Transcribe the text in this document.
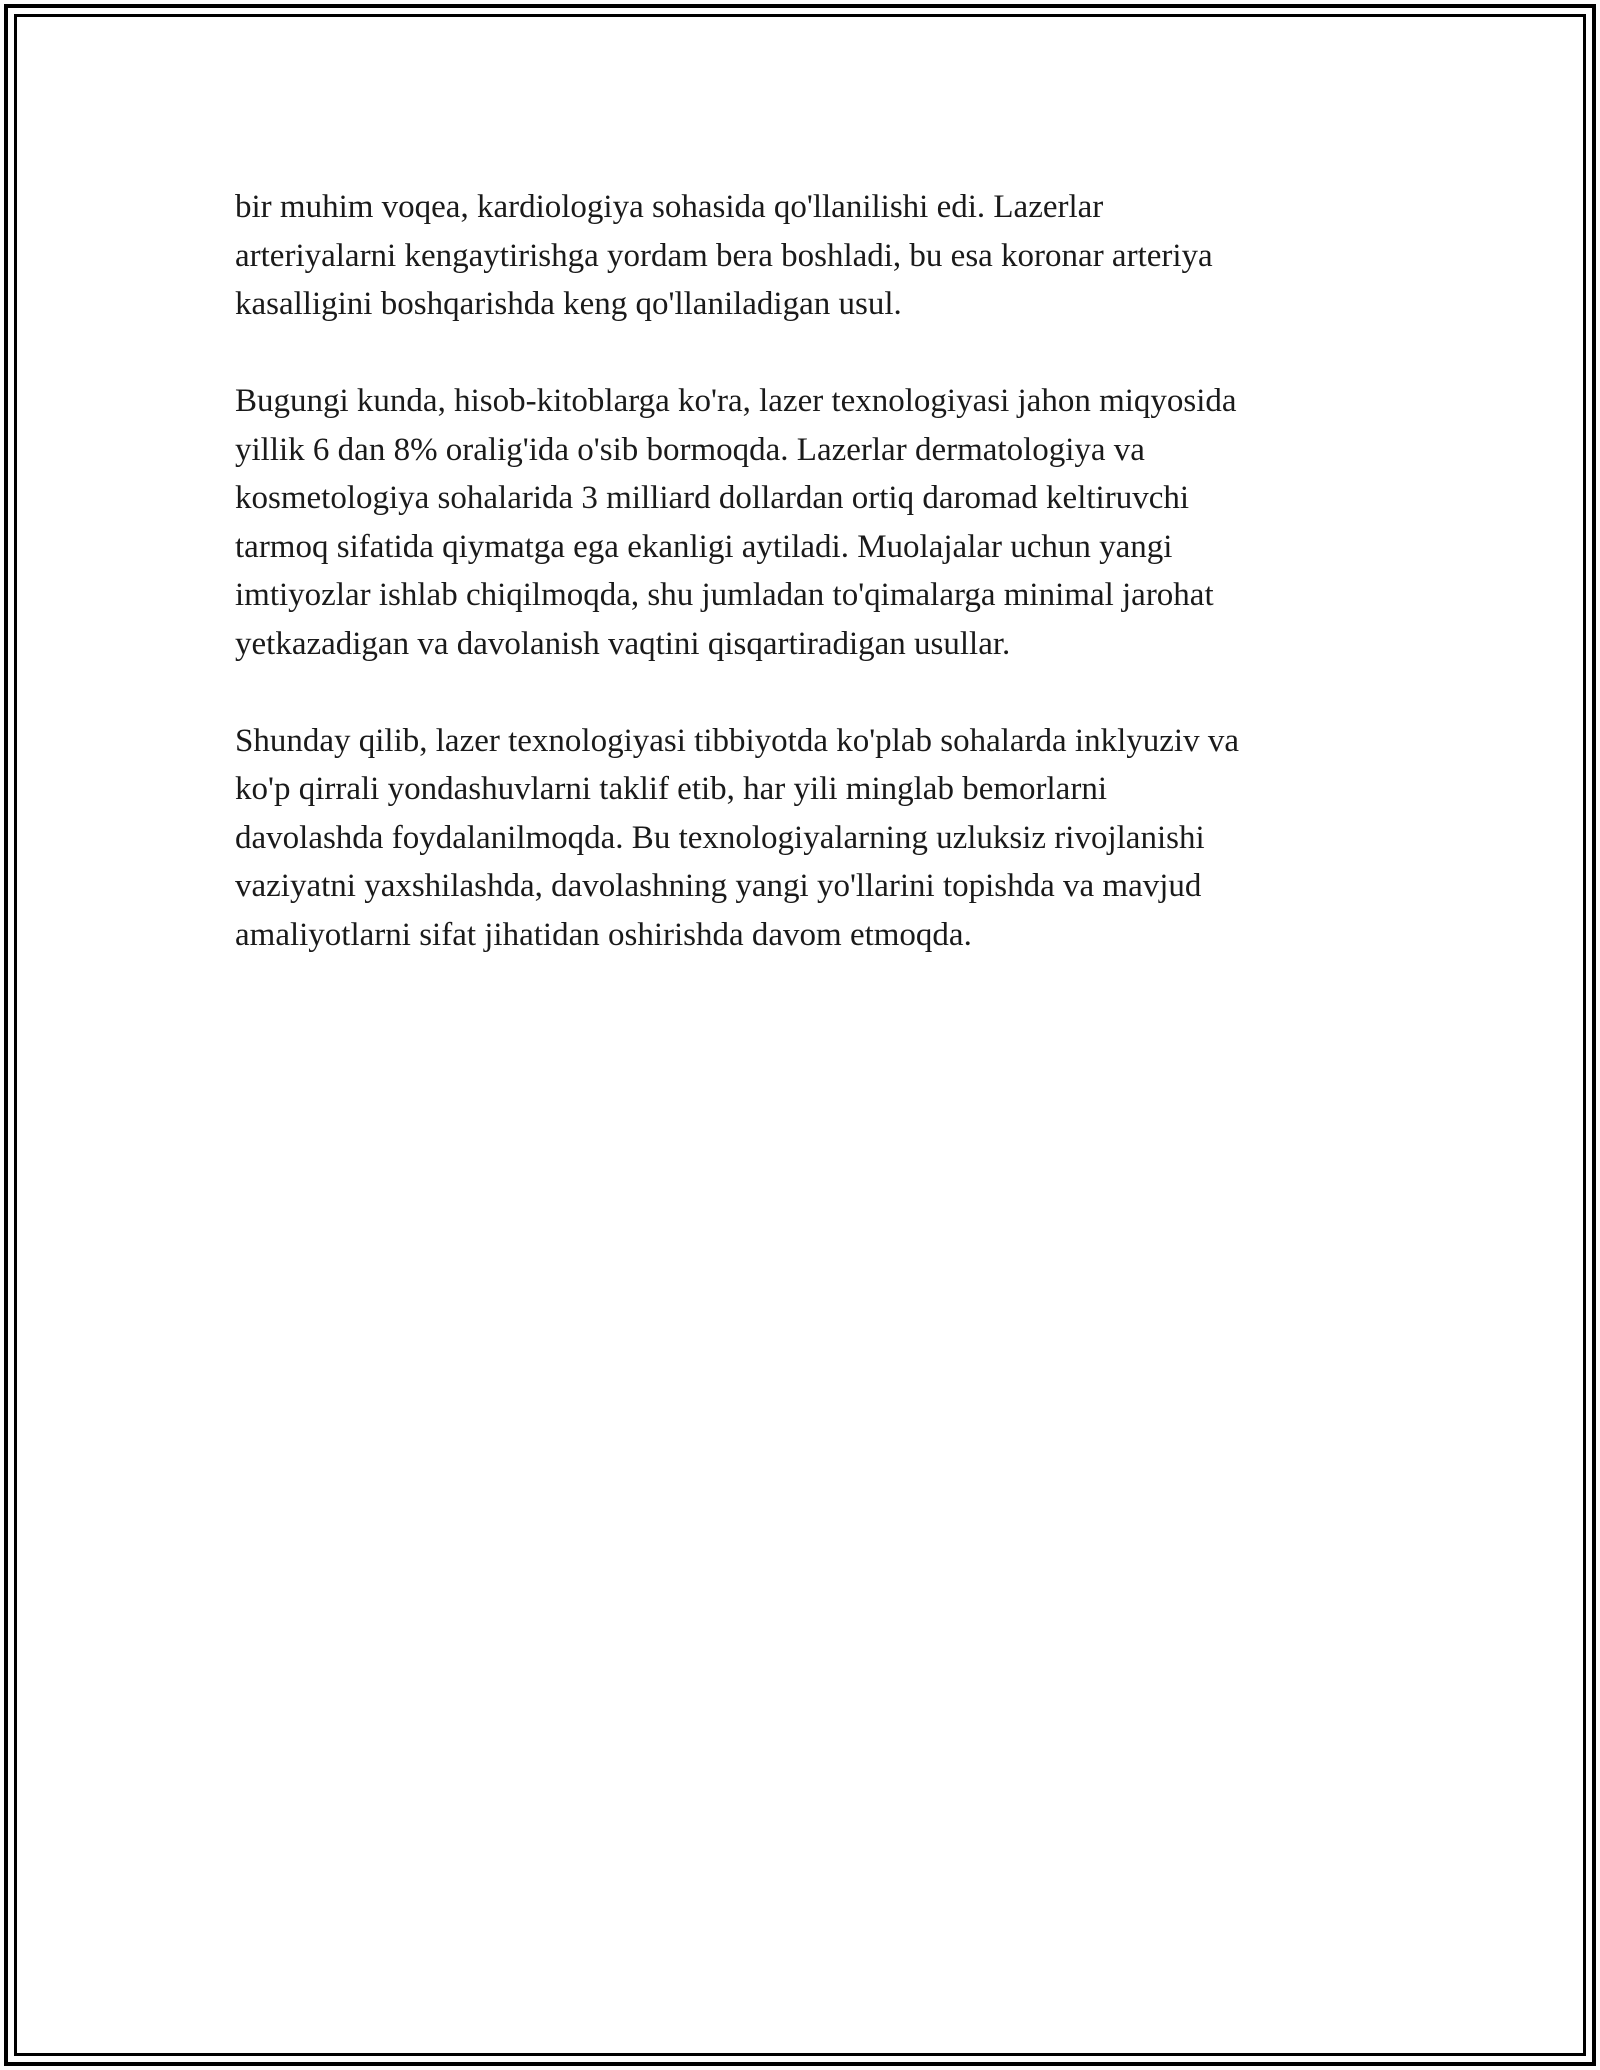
bir muhim voqea, kardiologiya sohasida qo'llanilishi edi. Lazerlar
arteriyalarni kengaytirishga yordam bera boshladi, bu esa koronar arteriya
kasalligini boshqarishda keng qo'llaniladigan usul.

Bugungi kunda, hisob-kitoblarga ko'ra, lazer texnologiyasi jahon miqyosida
yillik 6 dan 8% oralig'ida o'sib bormoqda. Lazerlar dermatologiya va
kosmetologiya sohalarida 3 milliard dollardan ortiq daromad keltiruvchi
tarmoq sifatida qiymatga ega ekanligi aytiladi. Muolajalar uchun yangi
imtiyozlar ishlab chiqilmoqda, shu jumladan to'qimalarga minimal jarohat
yetkazadigan va davolanish vaqtini qisqartiradigan usullar.

Shunday qilib, lazer texnologiyasi tibbiyotda ko'plab sohalarda inklyuziv va
ko'p qirrali yondashuvlarni taklif etib, har yili minglab bemorlarni
davolashda foydalanilmoqda. Bu texnologiyalarning uzluksiz rivojlanishi
vaziyatni yaxshilashda, davolashning yangi yo'llarini topishda va mavjud
amaliyotlarni sifat jihatidan oshirishda davom etmoqda.
